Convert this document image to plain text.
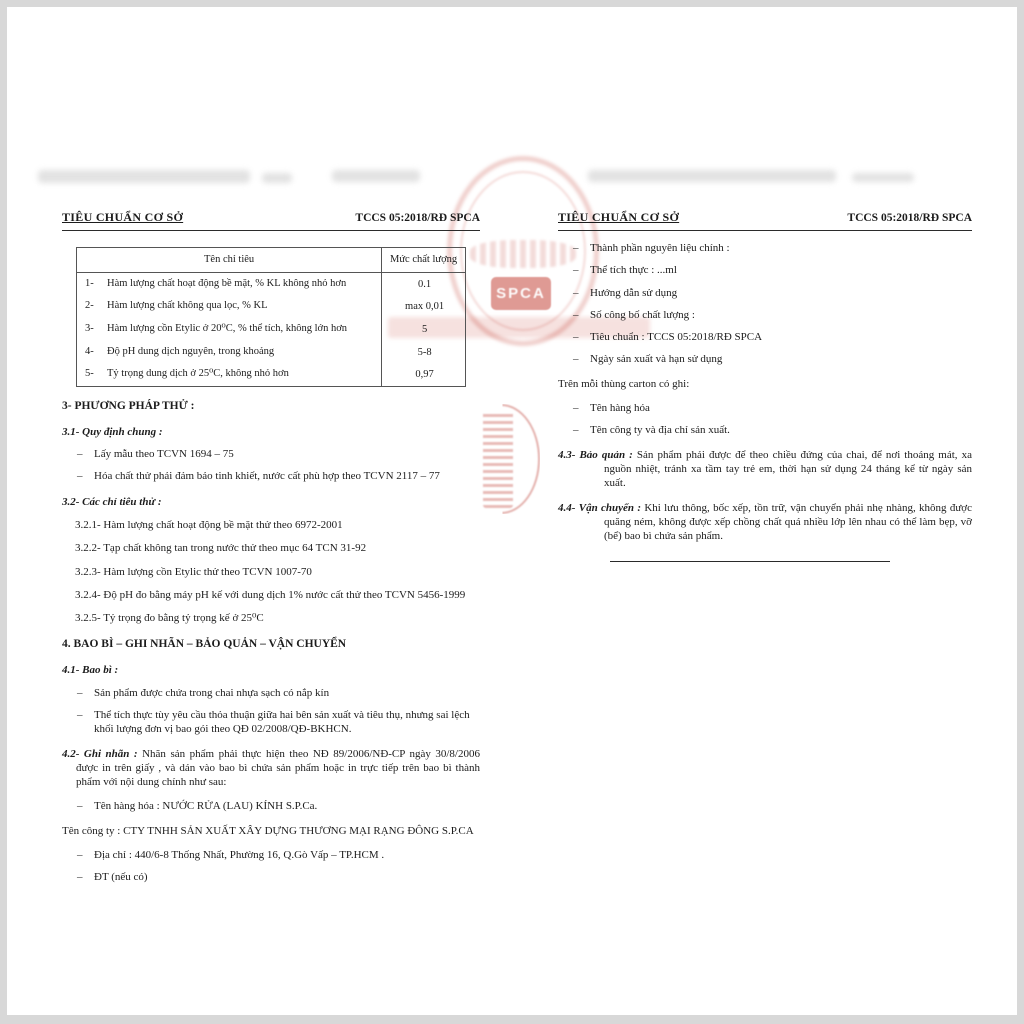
SPCA
TIÊU CHUẨN CƠ SỞ	TCCS 05:2018/RĐ SPCA
Tên chỉ tiêu	Mức chất lượng
1- Hàm lượng chất hoạt động bề mặt, % KL không nhỏ hơn	0.1
2- Hàm lượng chất không qua lọc, % KL	max 0,01
3- Hàm lượng cồn Etylic ở 20⁰C, % thể tích, không lớn hơn	5
4- Độ pH dung dịch nguyên, trong khoảng	5-8
5- Tỷ trọng dung dịch ở 25⁰C, không nhỏ hơn	0,97
3- PHƯƠNG PHÁP THỬ :
3.1- Quy định chung :
– Lấy mẫu theo TCVN 1694 – 75
– Hóa chất thử phải đảm bảo tinh khiết, nước cất phù hợp theo TCVN 2117 – 77
3.2- Các chỉ tiêu thử :
3.2.1- Hàm lượng chất hoạt động bề mặt thử theo 6972-2001
3.2.2- Tạp chất không tan trong nước thử theo mục 64 TCN 31-92
3.2.3- Hàm lượng cồn Etylic thử theo TCVN 1007-70
3.2.4- Độ pH đo bằng máy pH kế với dung dịch 1% nước cất thử theo TCVN 5456-1999
3.2.5- Tỷ trọng đo bằng tỷ trọng kế ở 25⁰C
4. BAO BÌ – GHI NHÃN – BẢO QUẢN – VẬN CHUYỂN
4.1- Bao bì :
– Sản phẩm được chứa trong chai nhựa sạch có nắp kín
– Thể tích thực tùy yêu cầu thỏa thuận giữa hai bên sản xuất và tiêu thụ, nhưng sai lệch khối lượng đơn vị bao gói theo QĐ 02/2008/QĐ-BKHCN.

4.2- Ghi nhãn : Nhãn sản phẩm phải thực hiện theo NĐ 89/2006/NĐ-CP ngày 30/8/2006 được in trên giấy , và dán vào bao bì chứa sản phẩm hoặc in trực tiếp trên bao bì thành phẩm với nội dung chính như sau:

– Tên hàng hóa : NƯỚC RỬA (LAU) KÍNH S.P.Ca.
Tên công ty : CTY TNHH SẢN XUẤT XÂY DỰNG THƯƠNG MẠI RẠNG ĐÔNG S.P.CA
– Địa chỉ : 440/6-8 Thống Nhất, Phường 16, Q.Gò Vấp – TP.HCM .
– ĐT (nếu có)
TIÊU CHUẨN CƠ SỞ	TCCS 05:2018/RĐ SPCA
– Thành phần nguyên liệu chính :
– Thể tích thực : ...ml
– Hướng dẫn sử dụng
– Số công bố chất lượng :
– Tiêu chuẩn : TCCS 05:2018/RĐ SPCA
– Ngày sản xuất và hạn sử dụng
Trên mỗi thùng carton có ghi:
– Tên hàng hóa
– Tên công ty và địa chỉ sản xuất.

4.3- Bảo quản : Sản phẩm phải được để theo chiều đứng của chai, để nơi thoáng mát, xa nguồn nhiệt, tránh xa tầm tay trẻ em, thời hạn sử dụng 24 tháng kể từ ngày sản xuất.

4.4- Vận chuyển : Khi lưu thông, bốc xếp, tồn trữ, vận chuyển phải nhẹ nhàng, không được quăng ném, không được xếp chồng chất quá nhiều lớp lên nhau có thể làm bẹp, vỡ (bể) bao bì chứa sản phẩm.
